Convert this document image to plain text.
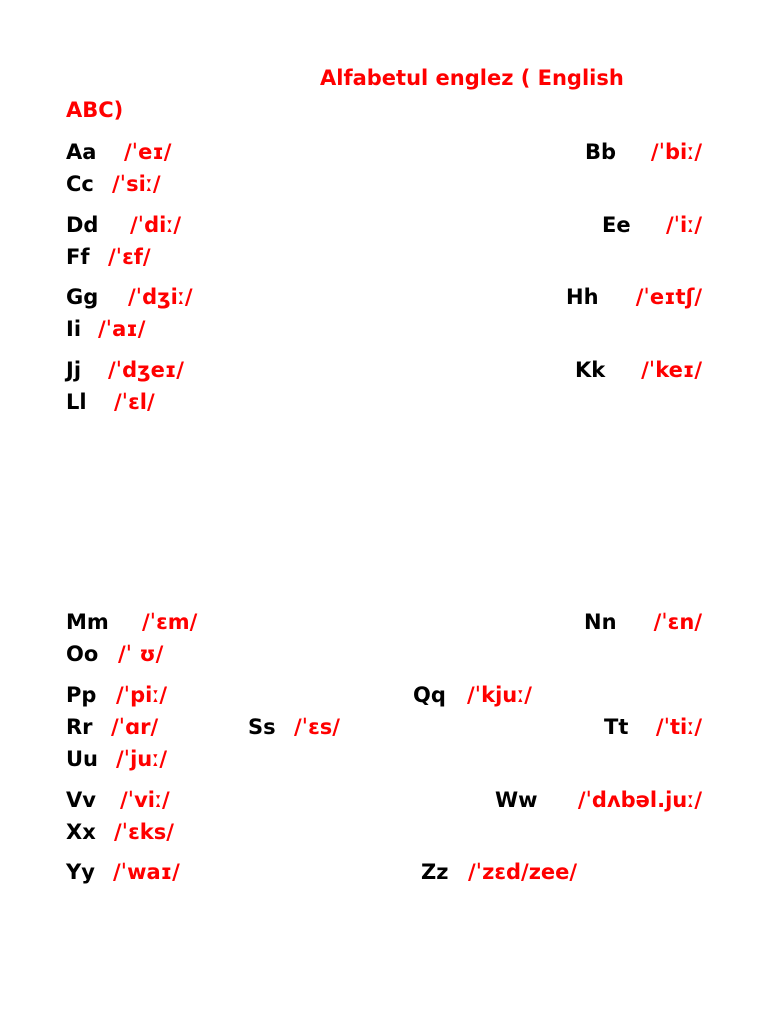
Alfabetul englez ( English
ABC)
Aa /ˈeɪ/	Bb /ˈbiː/
Cc /ˈsiː/
Dd /ˈdiː/	Ee /ˈiː/
Ff /ˈɛf/
Gg /ˈdʒiː/	Hh /ˈeɪtʃ/
Ii /ˈaɪ/
Jj /ˈdʒeɪ/	Kk /ˈkeɪ/
Ll /ˈɛl/
Mm /ˈɛm/	Nn /ˈɛn/
Oo /ˈ ʊ/
Pp /ˈpiː/	Qq /ˈkjuː/
Rr /ˈɑr/	Ss /ˈɛs/	Tt /ˈtiː/
Uu /ˈjuː/
Vv /ˈviː/	Ww /ˈdʌbəl.juː/
Xx /ˈɛks/
Yy /ˈwaɪ/	Zz /ˈzɛd/zee/
